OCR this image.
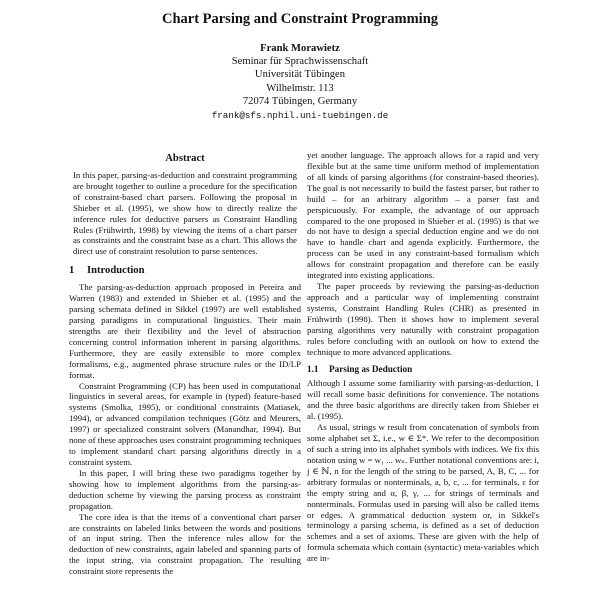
Chart Parsing and Constraint Programming
Frank Morawietz
Seminar für Sprachwissenschaft
Universität Tübingen
Wilhelmstr. 113
72074 Tübingen, Germany
frank@sfs.nphil.uni-tuebingen.de
Abstract

In this paper, parsing-as-deduction and constraint programming are brought together to outline a procedure for the specification of constraint-based chart parsers. Following the proposal in Shieber et al. (1995), we show how to directly realize the inference rules for deductive parsers as Constraint Handling Rules (Frühwirth, 1998) by viewing the items of a chart parser as constraints and the constraint base as a chart. This allows the direct use of constraint resolution to parse sentences.

1 Introduction

The parsing-as-deduction approach proposed in Pereira and Warren (1983) and extended in Shieber et al. (1995) and the parsing schemata defined in Sikkel (1997) are well established parsing paradigms in computational linguistics. Their main strengths are their flexibility and the level of abstraction concerning control information inherent in parsing algorithms. Furthermore, they are easily extensible to more complex formalisms, e.g., augmented phrase structure rules or the ID/LP format.

Constraint Programming (CP) has been used in computational linguistics in several areas, for example in (typed) feature-based systems (Smolka, 1995), or conditional constraints (Matiasek, 1994), or advanced compilation techniques (Götz and Meurers, 1997) or specialized constraint solvers (Manandhar, 1994). But none of these approaches uses constraint programming techniques to implement standard chart parsing algorithms directly in a constraint system.

In this paper, I will bring these two paradigms together by showing how to implement algorithms from the parsing-as-deduction scheme by viewing the parsing process as constraint propagation.

The core idea is that the items of a conventional chart parser are constraints on labeled links between the words and positions of an input string. Then the inference rules allow for the deduction of new constraints, again labeled and spanning parts of the input string, via constraint propagation. The resulting constraint store represents the

yet another language. The approach allows for a rapid and very flexible but at the same time uniform method of implementation of all kinds of parsing algorithms (for constraint-based theories). The goal is not necessarily to build the fastest parser, but rather to build – for an arbitrary algorithm – a parser fast and perspicuously. For example, the advantage of our approach compared to the one proposed in Shieber et al. (1995) is that we do not have to design a special deduction engine and we do not have to handle chart and agenda explicitly. Furthermore, the process can be used in any constraint-based formalism which allows for constraint propagation and therefore can be easily integrated into existing applications.

The paper proceeds by reviewing the parsing-as-deduction approach and a particular way of implementing constraint systems, Constraint Handling Rules (CHR) as presented in Frühwirth (1998). Then it shows how to implement several parsing algorithms very naturally with constraint propagation rules before concluding with an outlook on how to extend the technique to more advanced applications.

1.1 Parsing as Deduction

Although I assume some familiarity with parsing-as-deduction, I will recall some basic definitions for convenience. The notations and the three basic algorithms are directly taken from Shieber et al. (1995).

As usual, strings w result from concatenation of symbols from some alphabet set Σ, i.e., w ∈ Σ*. We refer to the decomposition of such a string into its alphabet symbols with indices. We fix this notation using w = w₁ ... wₙ. Further notational conventions are: i, j ∈ ℕ, n for the length of the string to be parsed, A, B, C, ... for arbitrary formulas or nonterminals, a, b, c, ... for terminals, ε for the empty string and α, β, γ, ... for strings of terminals and nonterminals. Formulas used in parsing will also be called items or edges. A grammatical deduction system or, in Sikkel's terminology a parsing schema, is defined as a set of deduction schemes and a set of axioms. These are given with the help of formula schemata which contain (syntactic) meta-variables which are in-
